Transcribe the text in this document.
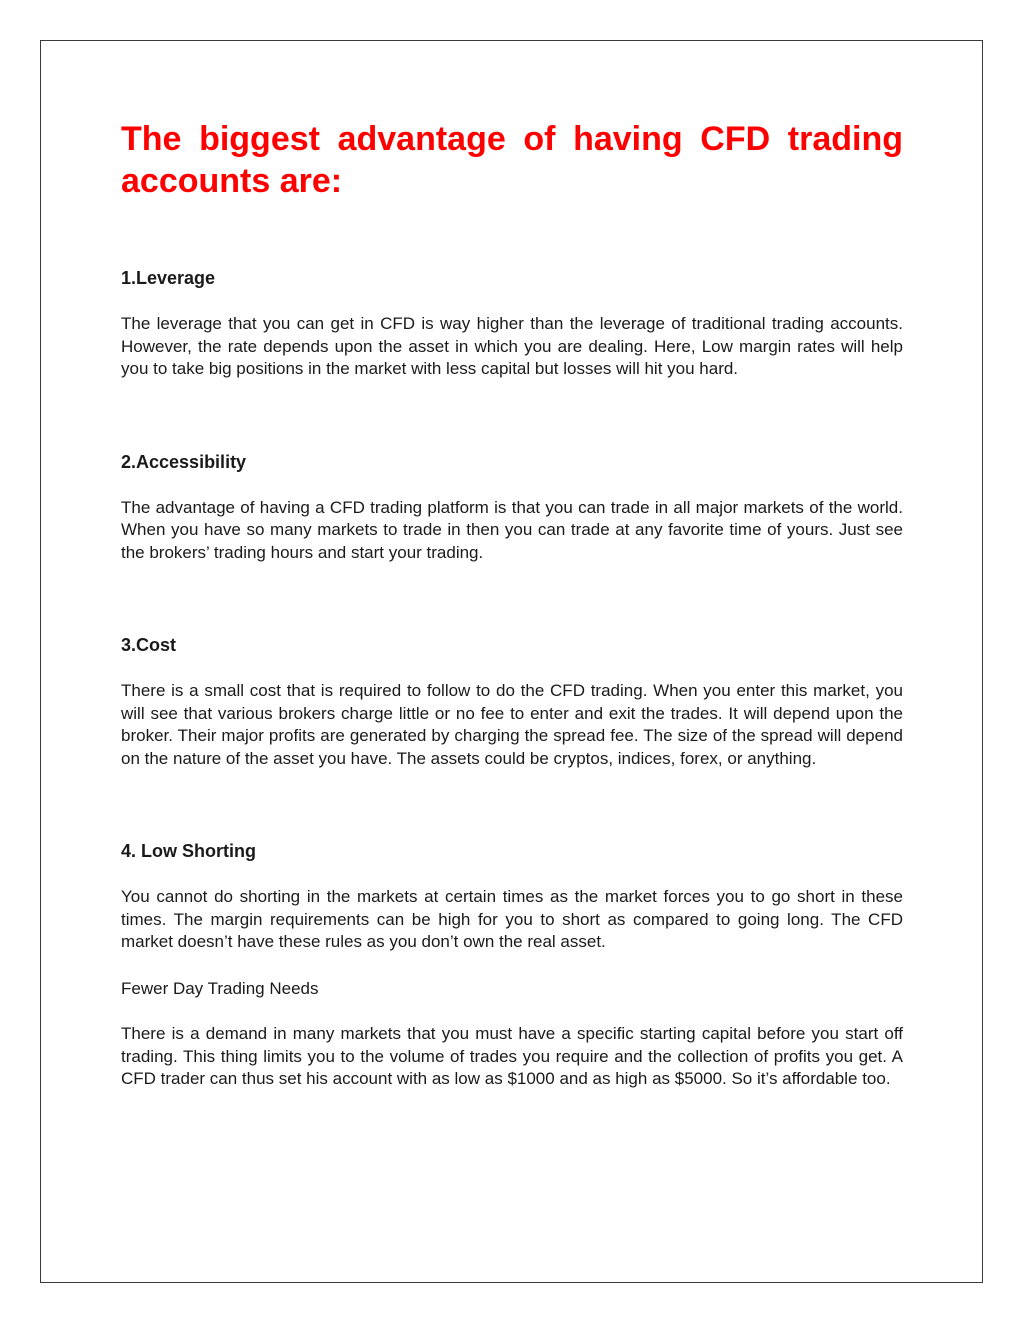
The biggest advantage of having CFD trading
accounts are:
1.Leverage

The leverage that you can get in CFD is way higher than the leverage of traditional trading accounts. However, the rate depends upon the asset in which you are dealing. Here, Low margin rates will help you to take big positions in the market with less capital but losses will hit you hard.

2.Accessibility

The advantage of having a CFD trading platform is that you can trade in all major markets of the world. When you have so many markets to trade in then you can trade at any favorite time of yours. Just see the brokers’ trading hours and start your trading.

3.Cost

There is a small cost that is required to follow to do the CFD trading. When you enter this market, you will see that various brokers charge little or no fee to enter and exit the trades. It will depend upon the broker. Their major profits are generated by charging the spread fee. The size of the spread will depend on the nature of the asset you have. The assets could be cryptos, indices, forex, or anything.

4. Low Shorting

You cannot do shorting in the markets at certain times as the market forces you to go short in these times. The margin requirements can be high for you to short as compared to going long. The CFD market doesn’t have these rules as you don’t own the real asset.

Fewer Day Trading Needs

There is a demand in many markets that you must have a specific starting capital before you start off trading. This thing limits you to the volume of trades you require and the collection of profits you get. A CFD trader can thus set his account with as low as $1000 and as high as $5000. So it’s affordable too.
